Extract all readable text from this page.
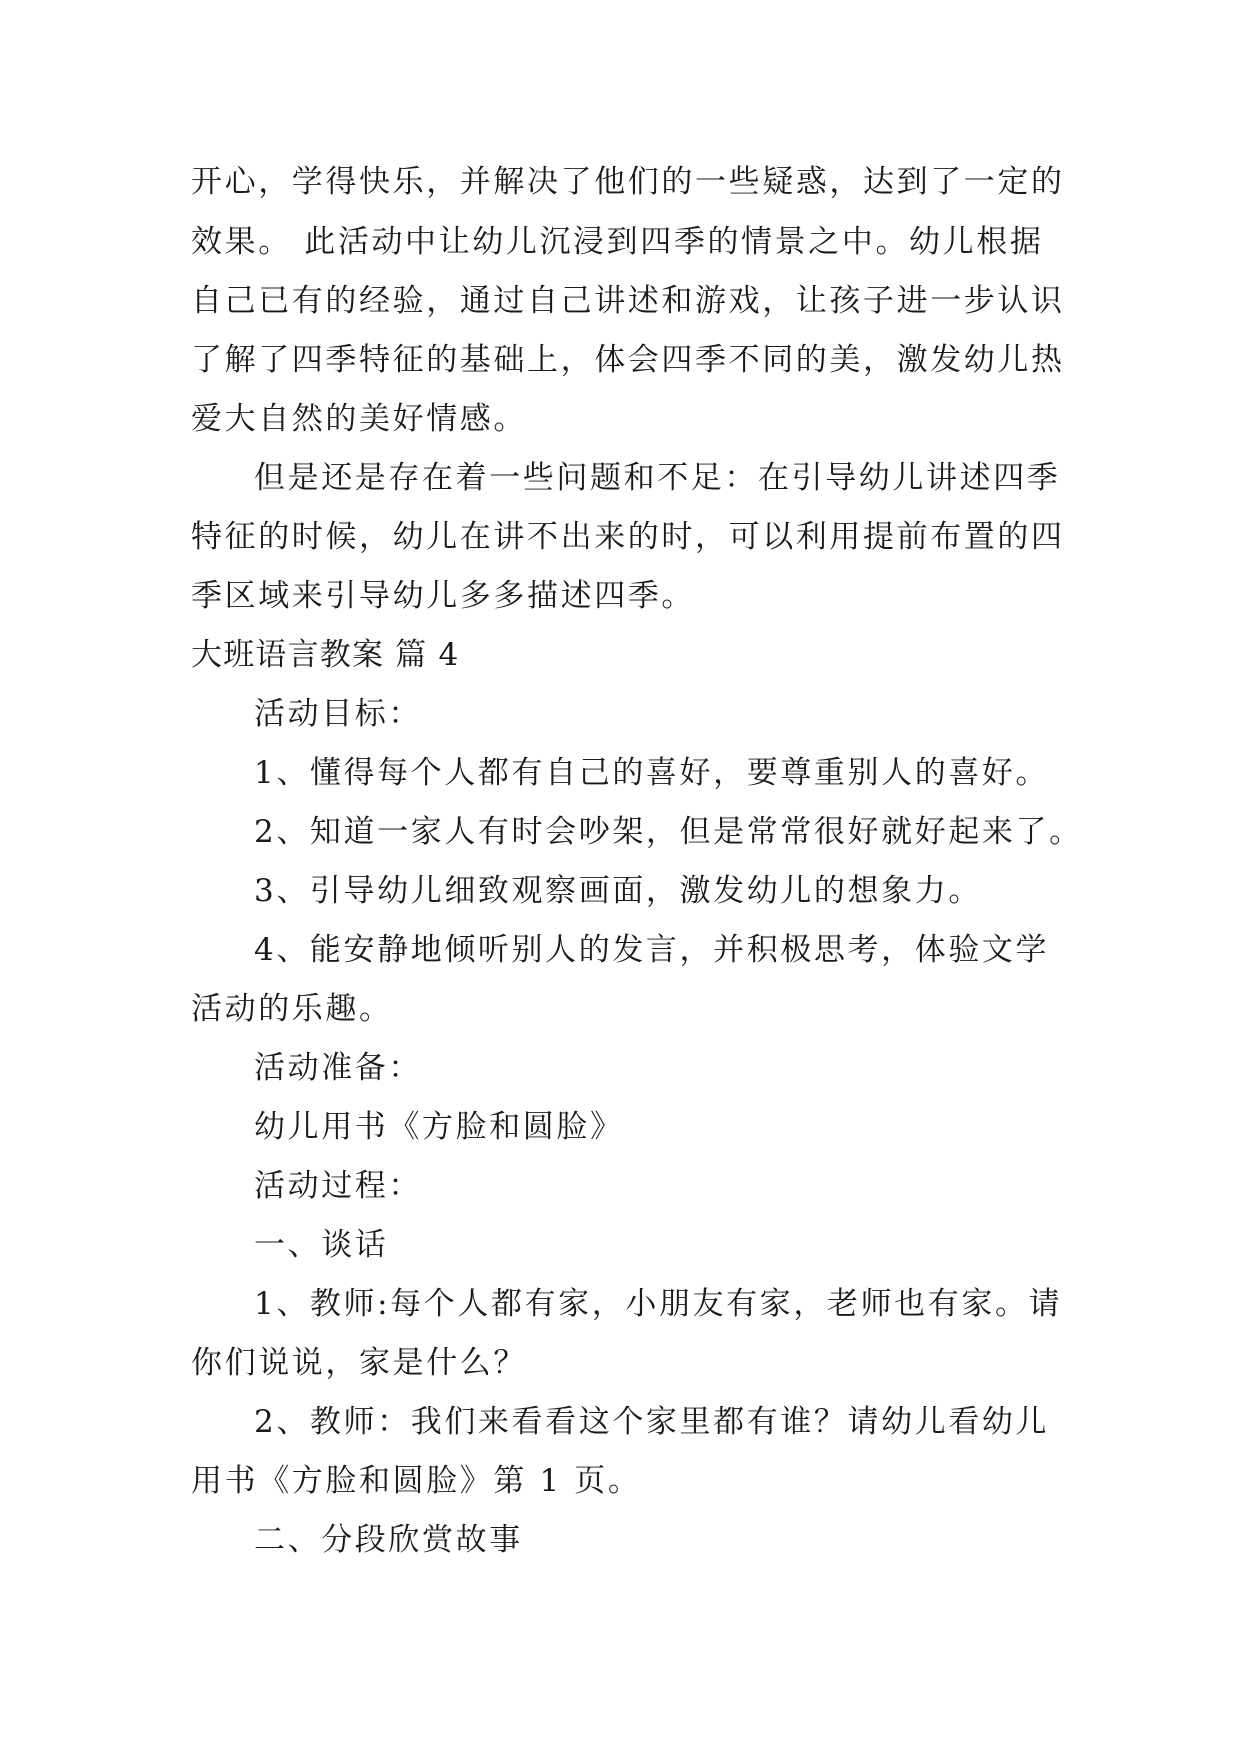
开心，学得快乐，并解决了他们的一些疑惑，达到了一定的
效果。 此活动中让幼儿沉浸到四季的情景之中。幼儿根据
自己已有的经验，通过自己讲述和游戏，让孩子进一步认识
了解了四季特征的基础上，体会四季不同的美，激发幼儿热
爱大自然的美好情感。
但是还是存在着一些问题和不足：在引导幼儿讲述四季
特征的时候，幼儿在讲不出来的时，可以利用提前布置的四
季区域来引导幼儿多多描述四季。
大班语言教案 篇 4
活动目标：
1、懂得每个人都有自己的喜好，要尊重别人的喜好。
2、知道一家人有时会吵架，但是常常很好就好起来了。
3、引导幼儿细致观察画面，激发幼儿的想象力。
4、能安静地倾听别人的发言，并积极思考，体验文学
活动的乐趣。
活动准备：
幼儿用书《方脸和圆脸》
活动过程：
一、谈话
1、教师:每个人都有家，小朋友有家，老师也有家。请
你们说说，家是什么？
2、教师：我们来看看这个家里都有谁？请幼儿看幼儿
用书《方脸和圆脸》第 1 页。
二、分段欣赏故事
